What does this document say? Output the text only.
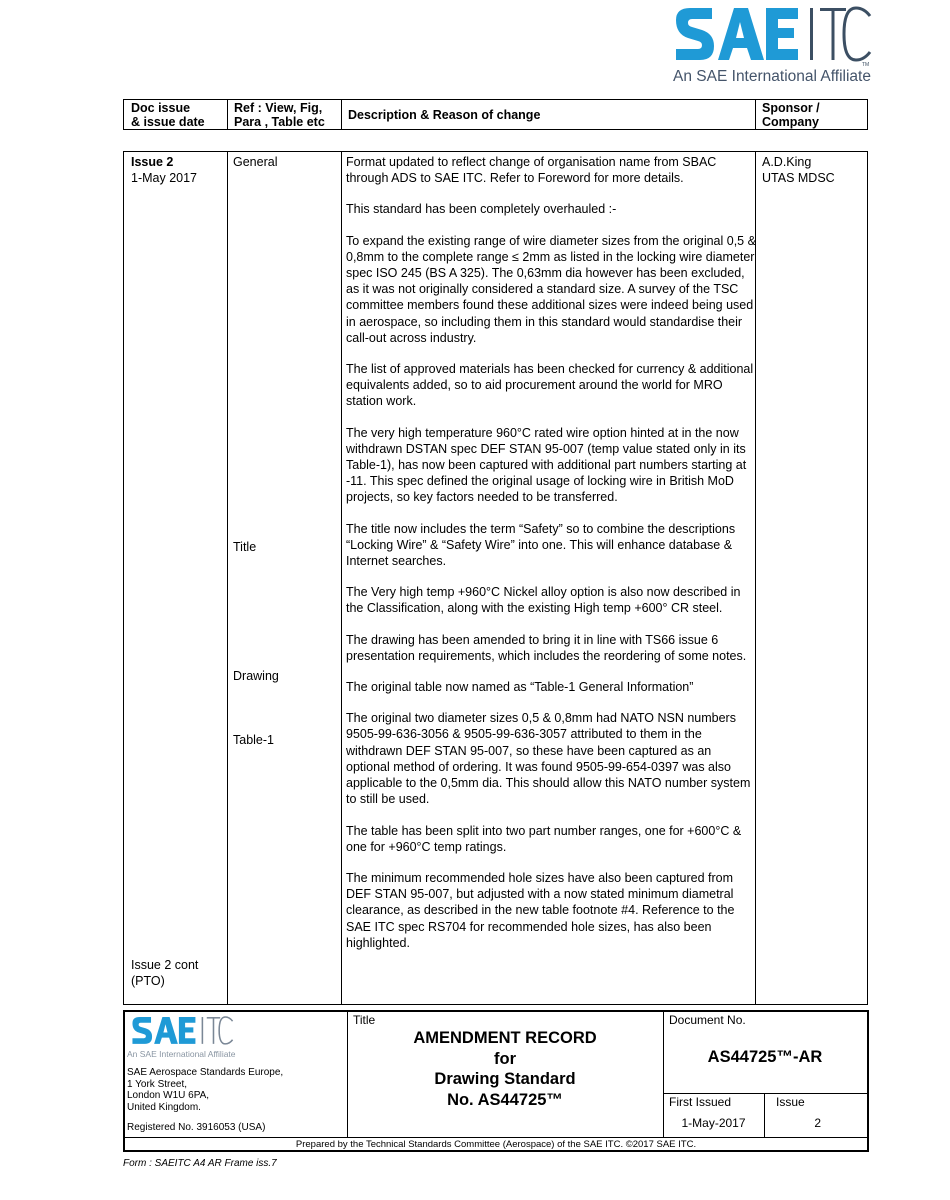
TM
An SAE International Affiliate
Doc issue
& issue date
Ref : View, Fig,
Para , Table etc	Description & Reason of change	Sponsor /
Company
Issue 2
1-May 2017
Issue 2 cont
(PTO)
General
Title
Drawing
Table-1

Format updated to reflect change of organisation name from SBAC through ADS to SAE ITC. Refer to Foreword for more details.

This standard has been completely overhauled :-

To expand the existing range of wire diameter sizes from the original 0,5 & 0,8mm to the complete range ≤ 2mm as listed in the locking wire diameter spec ISO 245 (BS A 325). The 0,63mm dia however has been excluded, as it was not originally considered a standard size. A survey of the TSC committee members found these additional sizes were indeed being used in aerospace, so including them in this standard would standardise their call-out across industry.

The list of approved materials has been checked for currency & additional equivalents added, so to aid procurement around the world for MRO station work.

The very high temperature 960°C rated wire option hinted at in the now withdrawn DSTAN spec DEF STAN 95-007 (temp value stated only in its Table-1), has now been captured with additional part numbers starting at -11. This spec defined the original usage of locking wire in British MoD projects, so key factors needed to be transferred.

The title now includes the term “Safety” so to combine the descriptions “Locking Wire” & “Safety Wire” into one. This will enhance database & Internet searches.

The Very high temp +960°C Nickel alloy option is also now described in the Classification, along with the existing High temp +600° CR steel.

The drawing has been amended to bring it in line with TS66 issue 6 presentation requirements, which includes the reordering of some notes.

The original table now named as “Table-1 General Information”

The original two diameter sizes 0,5 & 0,8mm had NATO NSN numbers 9505-99-636-3056 & 9505-99-636-3057 attributed to them in the withdrawn DEF STAN 95-007, so these have been captured as an optional method of ordering. It was found 9505-99-654-0397 was also applicable to the 0,5mm dia. This should allow this NATO number system to still be used.

The table has been split into two part number ranges, one for +600°C & one for +960°C temp ratings.

The minimum recommended hole sizes have also been captured from DEF STAN 95-007, but adjusted with a now stated minimum diametral clearance, as described in the new table footnote #4. Reference to the SAE ITC spec RS704 for recommended hole sizes, has also been highlighted.

A.D.King
UTAS MDSC
An SAE International Affiliate
SAE Aerospace Standards Europe,
1 York Street,
London W1U 6PA,
United Kingdom.
Registered No. 3916053 (USA)
Title
AMENDMENT RECORD
for
Drawing Standard
No. AS44725™
Document No.
AS44725™-AR
First Issued
1-May-2017
Issue
2
Prepared by the Technical Standards Committee (Aerospace) of the SAE ITC. ©2017 SAE ITC.
Form : SAEITC A4 AR Frame iss.7
